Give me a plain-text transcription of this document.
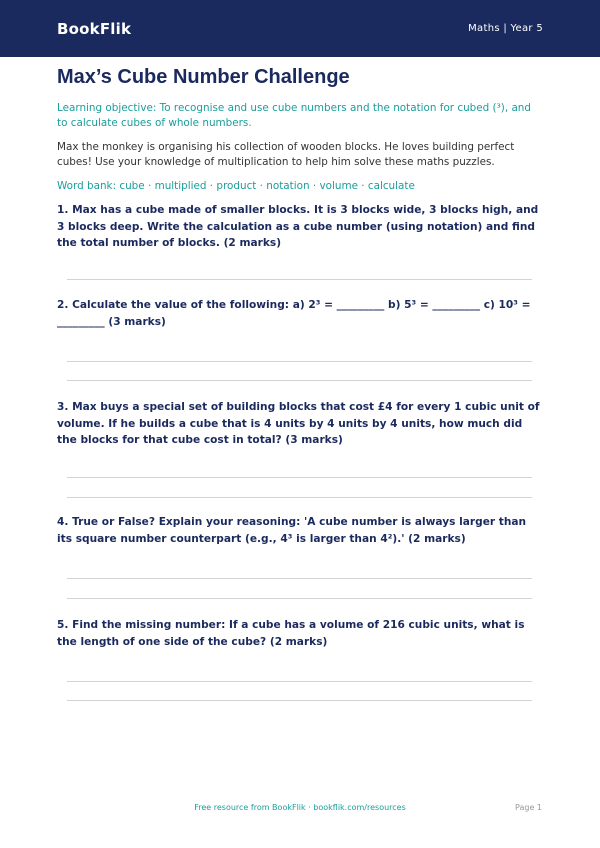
BookFlik	Maths | Year 5
Max’s Cube Number Challenge

Learning objective: To recognise and use cube numbers and the notation for cubed (³), and to calculate cubes of whole numbers.

Max the monkey is organising his collection of wooden blocks. He loves building perfect cubes! Use your knowledge of multiplication to help him solve these maths puzzles.

Word bank: cube · multiplied · product · notation · volume · calculate

1. Max has a cube made of smaller blocks. It is 3 blocks wide, 3 blocks high, and 3 blocks deep. Write the calculation as a cube number (using notation) and find the total number of blocks. (2 marks)
2. Calculate the value of the following: a) 2³ = _________ b) 5³ = _________ c) 10³ = _________ (3 marks)
3. Max buys a special set of building blocks that cost £4 for every 1 cubic unit of volume. If he builds a cube that is 4 units by 4 units by 4 units, how much did the blocks for that cube cost in total? (3 marks)
4. True or False? Explain your reasoning: 'A cube number is always larger than its square number counterpart (e.g., 4³ is larger than 4²).' (2 marks)
5. Find the missing number: If a cube has a volume of 216 cubic units, what is the length of one side of the cube? (2 marks)
Free resource from BookFlik · bookflik.com/resources	Page 1
